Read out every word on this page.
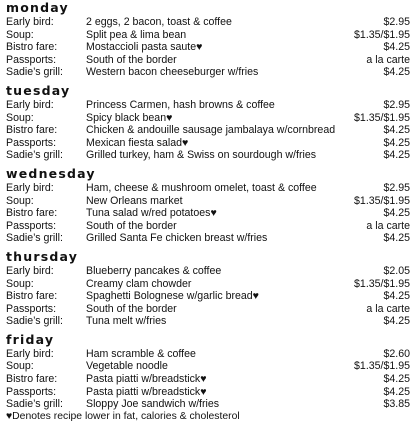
monday
Early bird:	2 eggs, 2 bacon, toast & coffee	$2.95
Soup:	Split pea & lima bean	$1.35/$1.95
Bistro fare:	Mostaccioli pasta saute♥	$4.25
Passports:	South of the border	a la carte
Sadie’s grill: Western bacon cheeseburger w/fries	$4.25
tuesday
Early bird:	Princess Carmen, hash browns & coffee	$2.95
Soup:	Spicy black bean♥	$1.35/$1.95
Bistro fare:	Chicken & andouille sausage jambalaya w/cornbread	$4.25
Passports:	Mexican fiesta salad♥	$4.25
Sadie’s grill: Grilled turkey, ham & Swiss on sourdough w/fries	$4.25
wednesday
Early bird:	Ham, cheese & mushroom omelet, toast & coffee	$2.95
Soup:	New Orleans market	$1.35/$1.95
Bistro fare:	Tuna salad w/red potatoes♥	$4.25
Passports:	South of the border	a la carte
Sadie’s grill: Grilled Santa Fe chicken breast w/fries	$4.25
thursday
Early bird:	Blueberry pancakes & coffee	$2.05
Soup:	Creamy clam chowder	$1.35/$1.95
Bistro fare:	Spaghetti Bolognese w/garlic bread♥	$4.25
Passports:	South of the border	a la carte
Sadie’s grill: Tuna melt w/fries	$4.25
friday
Early bird:	Ham scramble & coffee	$2.60
Soup:	Vegetable noodle	$1.35/$1.95
Bistro fare:	Pasta piatti w/breadstick♥	$4.25
Passports:	Pasta piatti w/breadstick♥	$4.25
Sadie’s grill: Sloppy Joe sandwich w/fries	$3.85
♥Denotes recipe lower in fat, calories & cholesterol
